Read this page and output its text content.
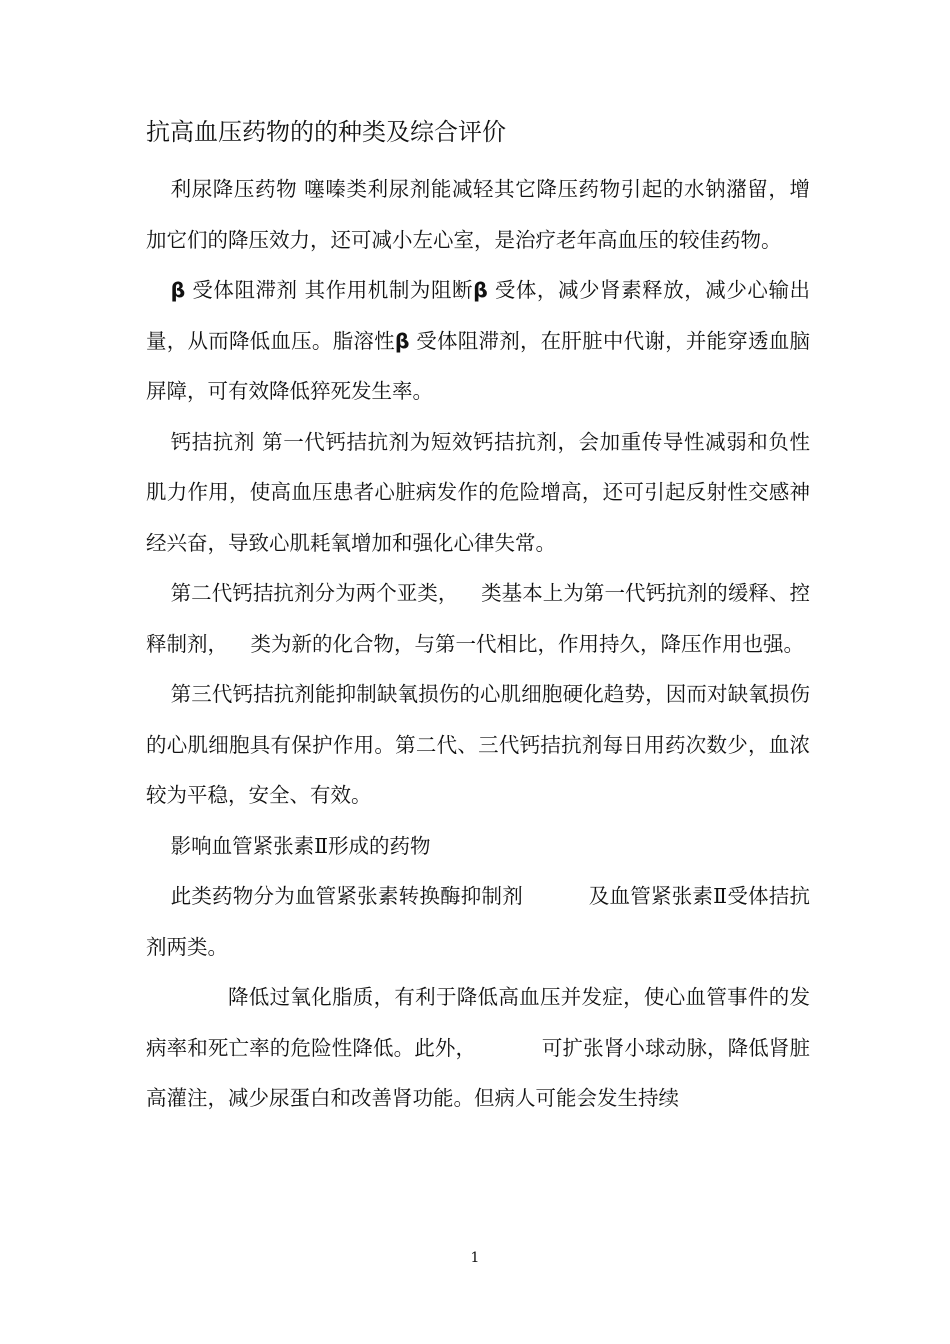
抗高血压药物的的种类及综合评价

利尿降压药物 噻嗪类利尿剂能减轻其它降压药物引起的水钠潴留，增加它们的降压效力，还可减小左心室，是治疗老年高血压的较佳药物。

β 受体阻滞剂 其作用机制为阻断β 受体，减少肾素释放，减少心输出量，从而降低血压。脂溶性β 受体阻滞剂，在肝脏中代谢，并能穿透血脑屏障，可有效降低猝死发生率。

钙拮抗剂 第一代钙拮抗剂为短效钙拮抗剂，会加重传导性减弱和负性肌力作用，使高血压患者心脏病发作的危险增高，还可引起反射性交感神经兴奋，导致心肌耗氧增加和强化心律失常。

第二代钙拮抗剂分为两个亚类， 类基本上为第一代钙抗剂的缓释、控释制剂， 类为新的化合物，与第一代相比，作用持久，降压作用也强。

第三代钙拮抗剂能抑制缺氧损伤的心肌细胞硬化趋势，因而对缺氧损伤的心肌细胞具有保护作用。第二代、三代钙拮抗剂每日用药次数少，血浓较为平稳，安全、有效。

影响血管紧张素Ⅱ形成的药物

此类药物分为血管紧张素转换酶抑制剂	及血管紧张素Ⅱ受体拮抗剂两类。

降低过氧化脂质，有利于降低高血压并发症，使心血管事件的发病率和死亡率的危险性降低。此外，	可扩张肾小球动脉，降低肾脏高灌注，减少尿蛋白和改善肾功能。但病人可能会发生持续

1
